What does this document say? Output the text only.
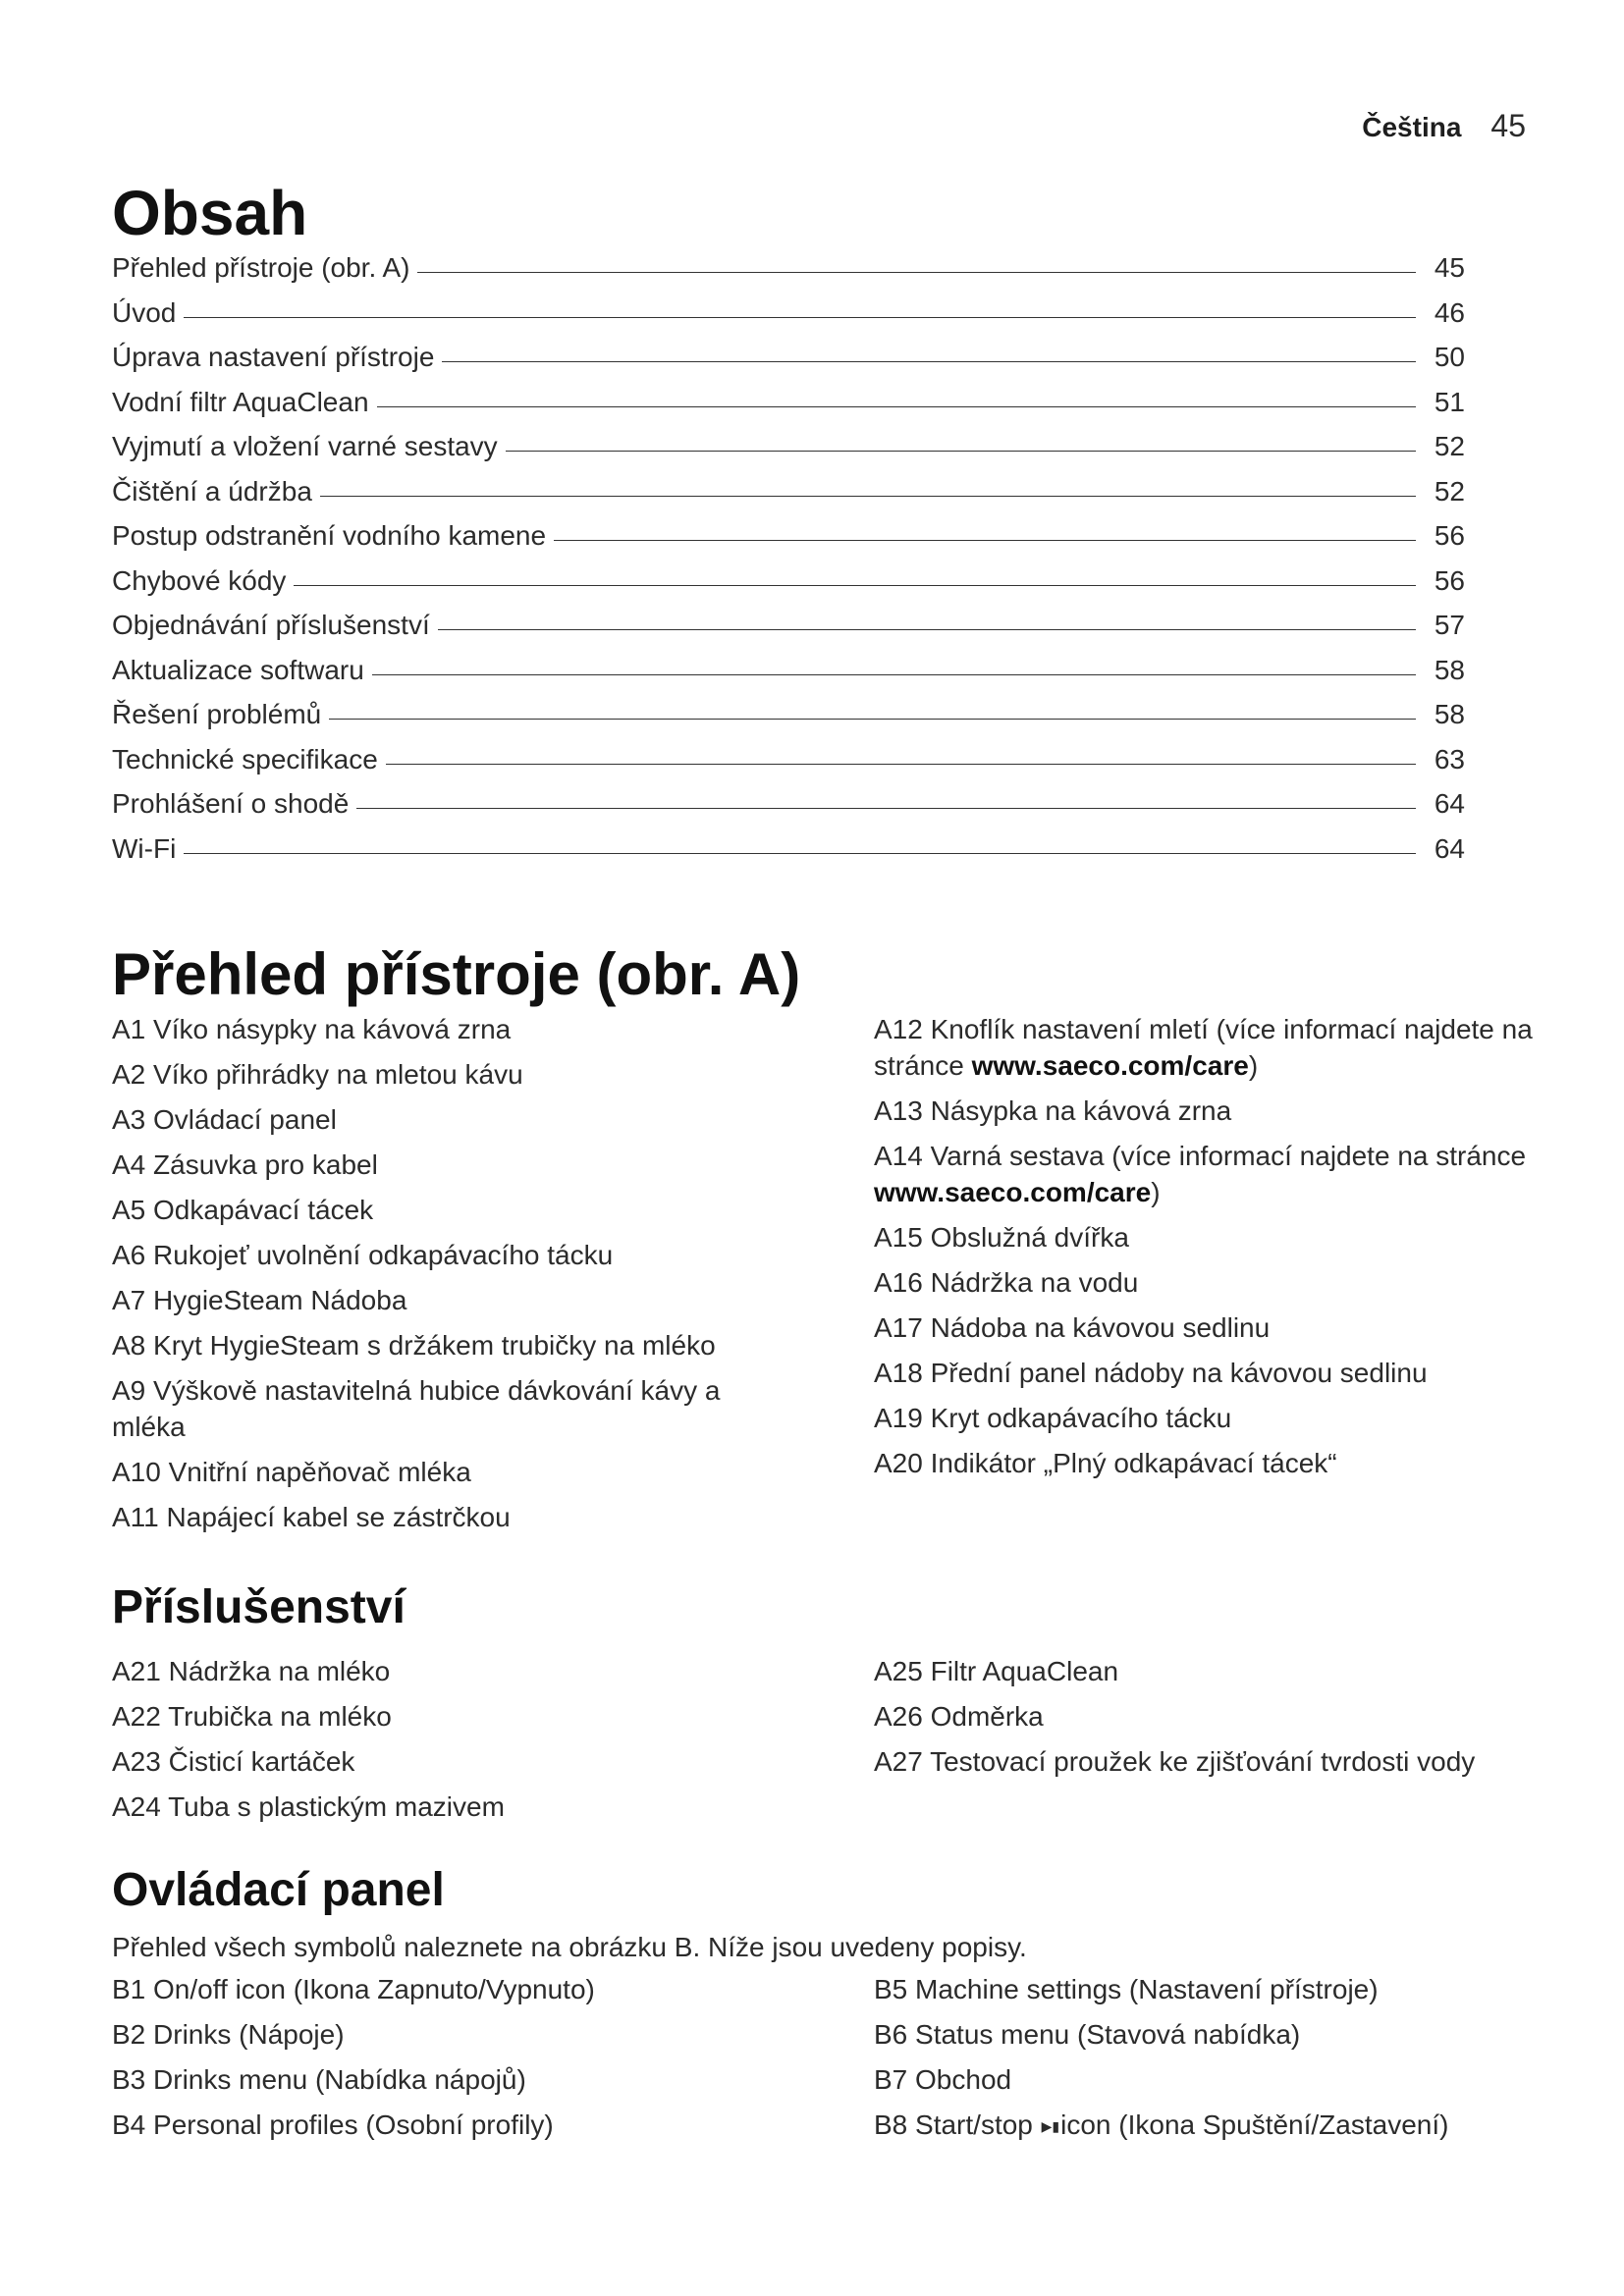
Čeština 45
Obsah
Přehled přístroje (obr. A)	45
Úvod	46
Úprava nastavení přístroje	50
Vodní filtr AquaClean	51
Vyjmutí a vložení varné sestavy	52
Čištění a údržba	52
Postup odstranění vodního kamene	56
Chybové kódy	56
Objednávání příslušenství	57
Aktualizace softwaru	58
Řešení problémů	58
Technické specifikace	63
Prohlášení o shodě	64
Wi-Fi	64
Přehled přístroje (obr. A)
A1 Víko násypky na kávová zrna
A2 Víko přihrádky na mletou kávu
A3 Ovládací panel
A4 Zásuvka pro kabel
A5 Odkapávací tácek
A6 Rukojeť uvolnění odkapávacího tácku
A7 HygieSteam Nádoba
A8 Kryt HygieSteam s držákem trubičky na mléko
A9 Výškově nastavitelná hubice dávkování kávy a mléka
A10 Vnitřní napěňovač mléka
A11 Napájecí kabel se zástrčkou
A12 Knoflík nastavení mletí (více informací najdete na stránce www.saeco.com/care)
A13 Násypka na kávová zrna
A14 Varná sestava (více informací najdete na stránce www.saeco.com/care)
A15 Obslužná dvířka
A16 Nádržka na vodu
A17 Nádoba na kávovou sedlinu
A18 Přední panel nádoby na kávovou sedlinu
A19 Kryt odkapávacího tácku
A20 Indikátor „Plný odkapávací tácek“
Příslušenství
A21 Nádržka na mléko
A22 Trubička na mléko
A23 Čisticí kartáček
A24 Tuba s plastickým mazivem
A25 Filtr AquaClean
A26 Odměrka
A27 Testovací proužek ke zjišťování tvrdosti vody
Ovládací panel
Přehled všech symbolů naleznete na obrázku B. Níže jsou uvedeny popisy.
B1 On/off icon (Ikona Zapnuto/Vypnuto)
B2 Drinks (Nápoje)
B3 Drinks menu (Nabídka nápojů)
B4 Personal profiles (Osobní profily)
B5 Machine settings (Nastavení přístroje)
B6 Status menu (Stavová nabídka)
B7 Obchod
B8 Start/stop ▶▮icon (Ikona Spuštění/Zastavení)
